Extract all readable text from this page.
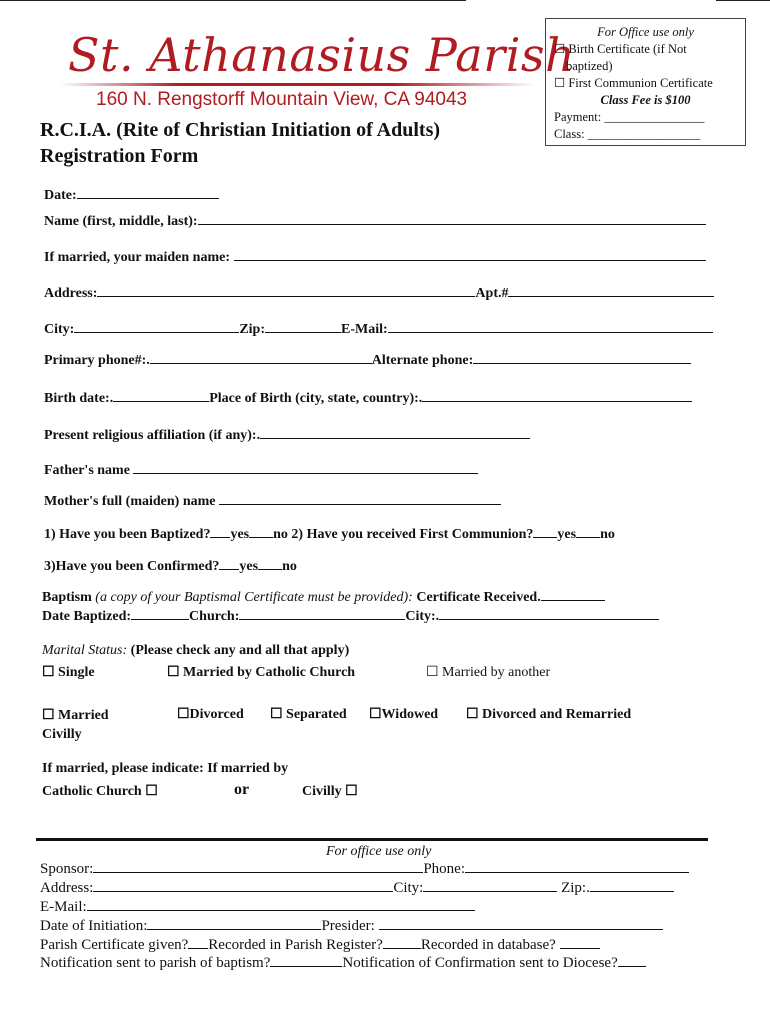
St. Athanasius Parish
160 N. Rengstorff Mountain View, CA 94043
For Office use only
☐ Birth Certificate (if Not
baptized)
☐ First Communion Certificate
Class Fee is $100
Payment: ________________
Class: __________________
R.C.I.A. (Rite of Christian Initiation of Adults)
Registration Form
Date:
Name (first, middle, last):
If married, your maiden name:
Address:	Apt.#
City:	Zip:	E-Mail:
Primary phone#:.	Alternate phone:
Birth date:.	Place of Birth (city, state, country):.
Present religious affiliation (if any):.
Father's name
Mother's full (maiden) name
1) Have you been Baptized? yes no 2) Have you received First Communion? yes no
3)Have you been Confirmed? yes no
Baptism (a copy of your Baptismal Certificate must be provided): Certificate Received.
Date Baptized:	Church:	City:.
Marital Status: (Please check any and all that apply)
☐ Single	☐ Married by Catholic Church	☐ Married by another
☐ Married
Civilly
☐Divorced ☐ Separated ☐Widowed ☐ Divorced and Remarried
If married, please indicate: If married by
Catholic Church ☐	or	Civilly ☐
For office use only
Sponsor:	Phone:
Address:	City:	Zip:.
E-Mail:
Date of Initiation:	Presider:
Parish Certificate given? Recorded in Parish Register?	Recorded in database?
Notification sent to parish of baptism?	Notification of Confirmation sent to Diocese?
